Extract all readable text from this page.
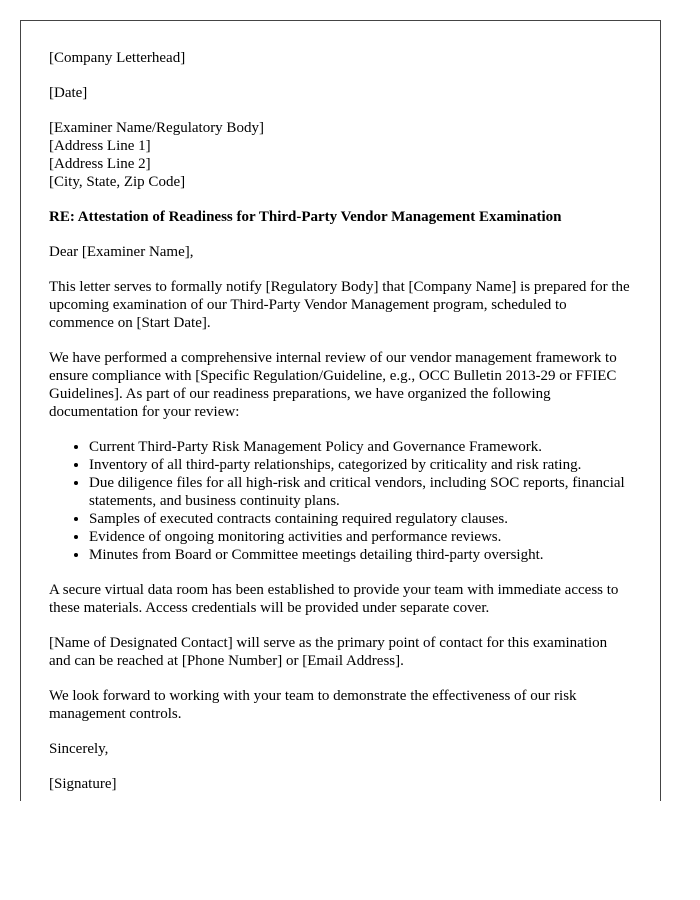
[Company Letterhead]

[Date]

[Examiner Name/Regulatory Body]
[Address Line 1]
[Address Line 2]
[City, State, Zip Code]

RE: Attestation of Readiness for Third-Party Vendor Management Examination

Dear [Examiner Name],

This letter serves to formally notify [Regulatory Body] that [Company Name] is prepared for the upcoming examination of our Third-Party Vendor Management program, scheduled to commence on [Start Date].

We have performed a comprehensive internal review of our vendor management framework to ensure compliance with [Specific Regulation/Guideline, e.g., OCC Bulletin 2013-29 or FFIEC Guidelines]. As part of our readiness preparations, we have organized the following documentation for your review:

• Current Third-Party Risk Management Policy and Governance Framework.
• Inventory of all third-party relationships, categorized by criticality and risk rating.
• Due diligence files for all high-risk and critical vendors, including SOC reports, financial statements, and business continuity plans.
• Samples of executed contracts containing required regulatory clauses.
• Evidence of ongoing monitoring activities and performance reviews.
• Minutes from Board or Committee meetings detailing third-party oversight.

A secure virtual data room has been established to provide your team with immediate access to these materials. Access credentials will be provided under separate cover.

[Name of Designated Contact] will serve as the primary point of contact for this examination and can be reached at [Phone Number] or [Email Address].

We look forward to working with your team to demonstrate the effectiveness of our risk management controls.

Sincerely,

[Signature]
